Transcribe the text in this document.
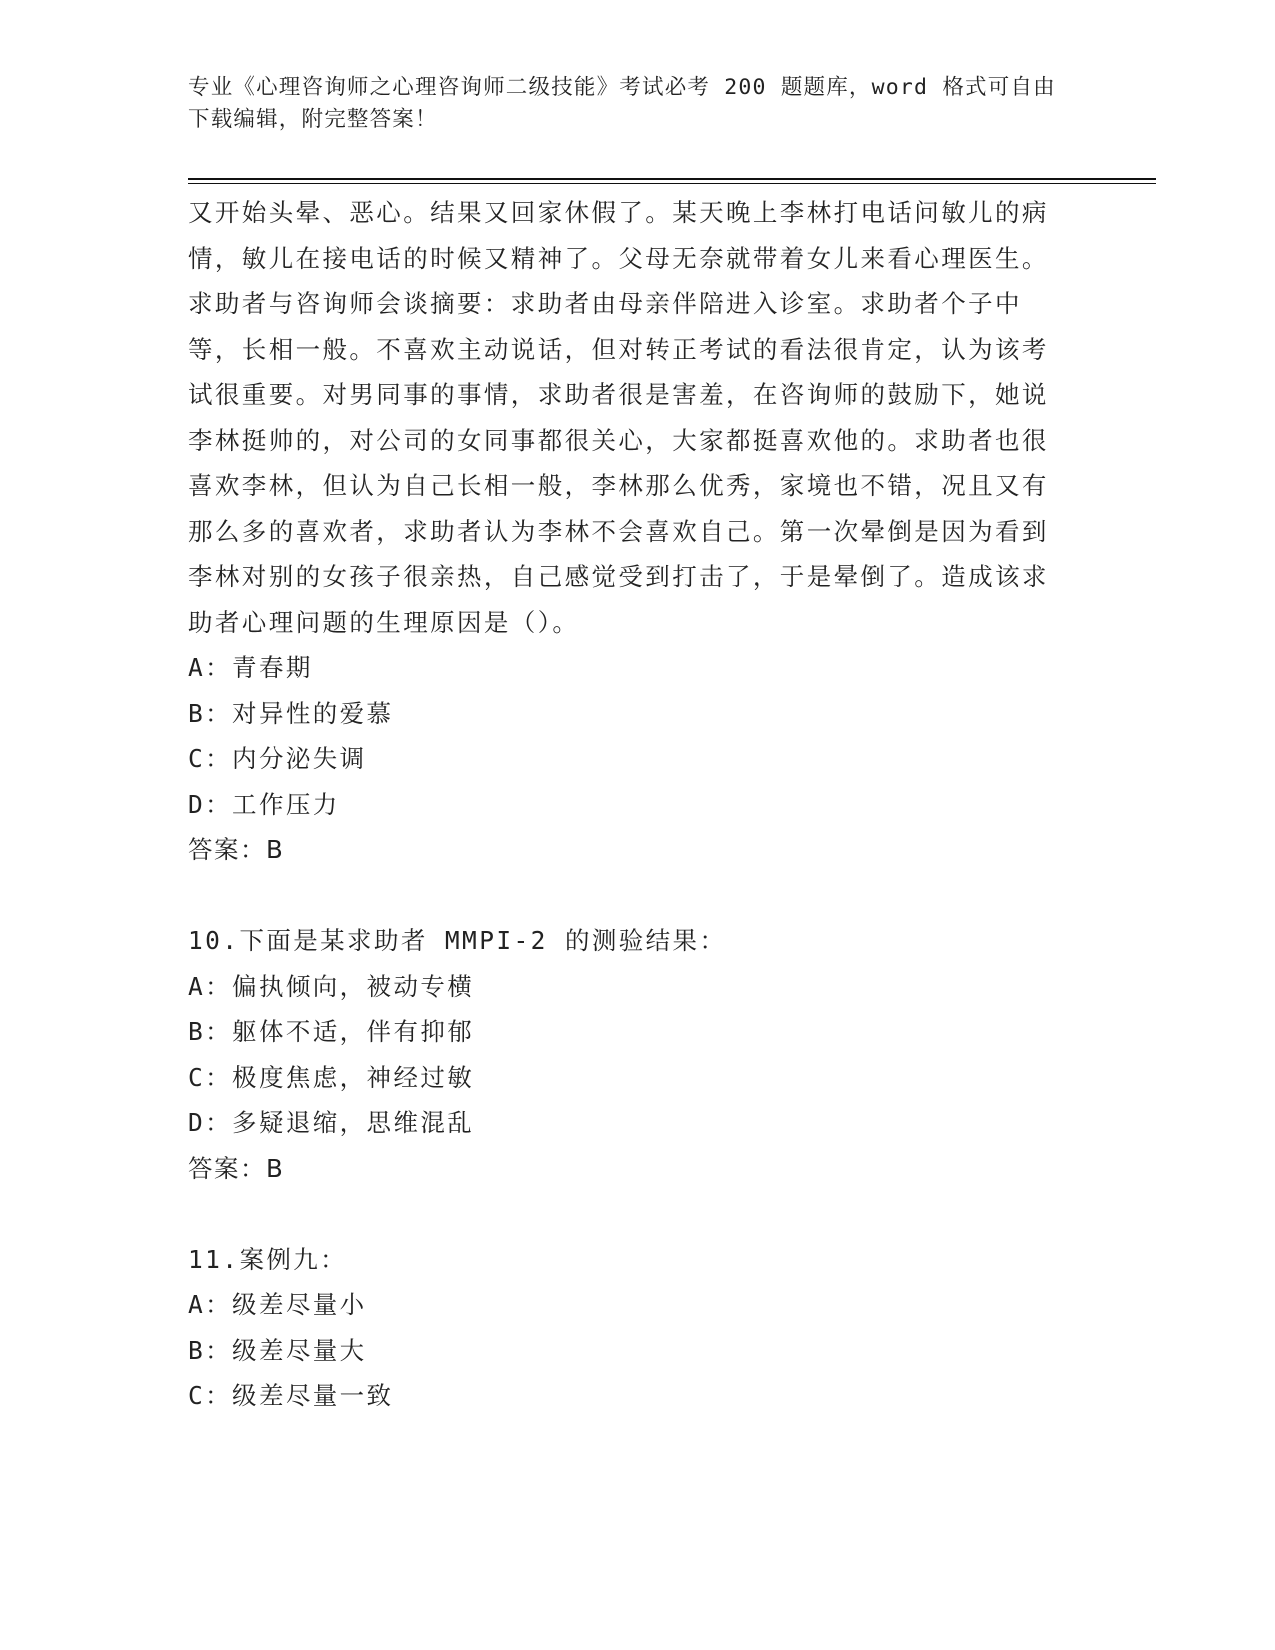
专业《心理咨询师之心理咨询师二级技能》考试必考 200 题题库，word 格式可自由下载编辑，附完整答案！
又开始头晕、恶心。结果又回家休假了。某天晚上李林打电话问敏儿的病情，敏儿在接电话的时候又精神了。父母无奈就带着女儿来看心理医生。求助者与咨询师会谈摘要：求助者由母亲伴陪进入诊室。求助者个子中等，长相一般。不喜欢主动说话，但对转正考试的看法很肯定，认为该考试很重要。对男同事的事情，求助者很是害羞，在咨询师的鼓励下，她说李林挺帅的，对公司的女同事都很关心，大家都挺喜欢他的。求助者也很喜欢李林，但认为自己长相一般，李林那么优秀，家境也不错，况且又有那么多的喜欢者，求助者认为李林不会喜欢自己。第一次晕倒是因为看到李林对别的女孩子很亲热，自己感觉受到打击了，于是晕倒了。造成该求助者心理问题的生理原因是（）。
A：青春期
B：对异性的爱慕
C：内分泌失调
D：工作压力
答案：B
10.下面是某求助者 MMPI-2 的测验结果：
A：偏执倾向，被动专横
B：躯体不适，伴有抑郁
C：极度焦虑，神经过敏
D：多疑退缩，思维混乱
答案：B
11.案例九：
A：级差尽量小
B：级差尽量大
C：级差尽量一致
